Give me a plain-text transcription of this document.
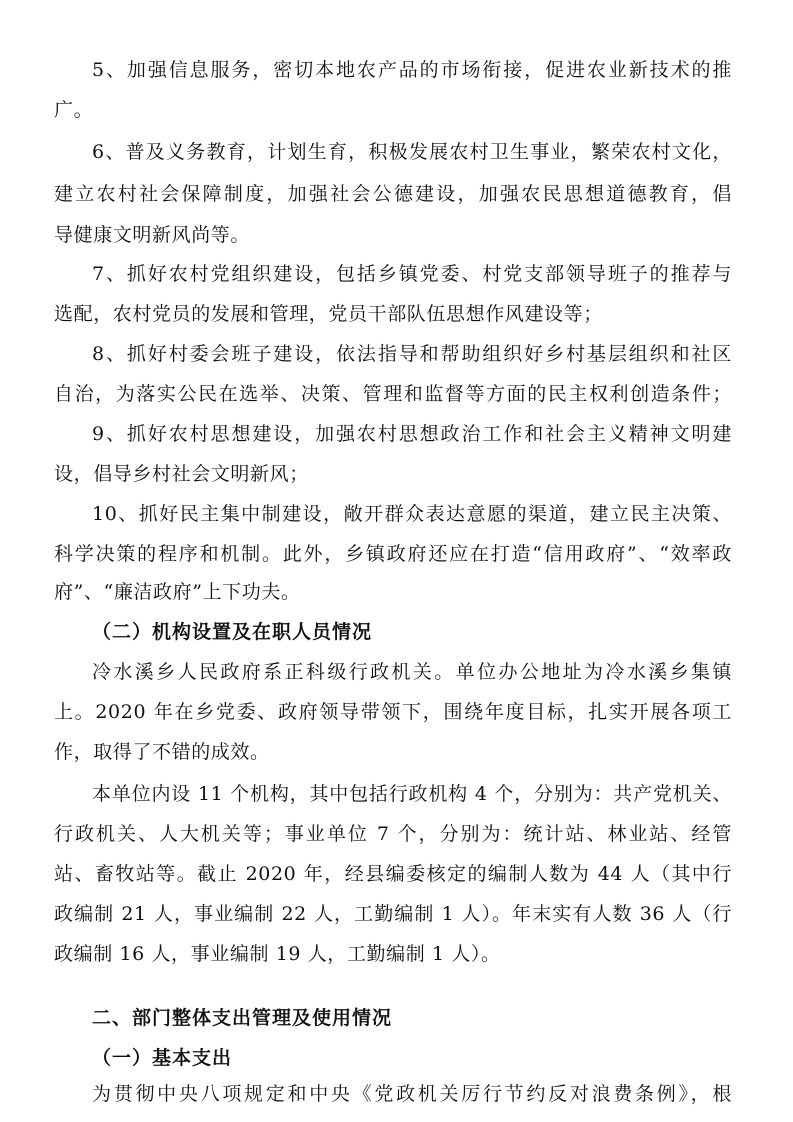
5、加强信息服务，密切本地农产品的市场衔接，促进农业新技术的推
广。
6、普及义务教育，计划生育，积极发展农村卫生事业，繁荣农村文化，
建立农村社会保障制度，加强社会公德建设，加强农民思想道德教育，倡
导健康文明新风尚等。
7、抓好农村党组织建设，包括乡镇党委、村党支部领导班子的推荐与
选配，农村党员的发展和管理，党员干部队伍思想作风建设等；
8、抓好村委会班子建设，依法指导和帮助组织好乡村基层组织和社区
自治，为落实公民在选举、决策、管理和监督等方面的民主权利创造条件；
9、抓好农村思想建设，加强农村思想政治工作和社会主义精神文明建
设，倡导乡村社会文明新风；
10、抓好民主集中制建设，敞开群众表达意愿的渠道，建立民主决策、
科学决策的程序和机制。此外，乡镇政府还应在打造“信用政府”、“效率政
府”、“廉洁政府”上下功夫。
（二）机构设置及在职人员情况
冷水溪乡人民政府系正科级行政机关。单位办公地址为冷水溪乡集镇
上。2020 年在乡党委、政府领导带领下，围绕年度目标，扎实开展各项工
作，取得了不错的成效。
本单位内设 11 个机构，其中包括行政机构 4 个，分别为：共产党机关、
行政机关、人大机关等；事业单位 7 个，分别为：统计站、林业站、经管
站、畜牧站等。截止 2020 年，经县编委核定的编制人数为 44 人（其中行
政编制 21 人，事业编制 22 人，工勤编制 1 人）。年末实有人数 36 人（行
政编制 16 人，事业编制 19 人，工勤编制 1 人）。
二、部门整体支出管理及使用情况
（一）基本支出
为贯彻中央八项规定和中央《党政机关厉行节约反对浪费条例》，根
